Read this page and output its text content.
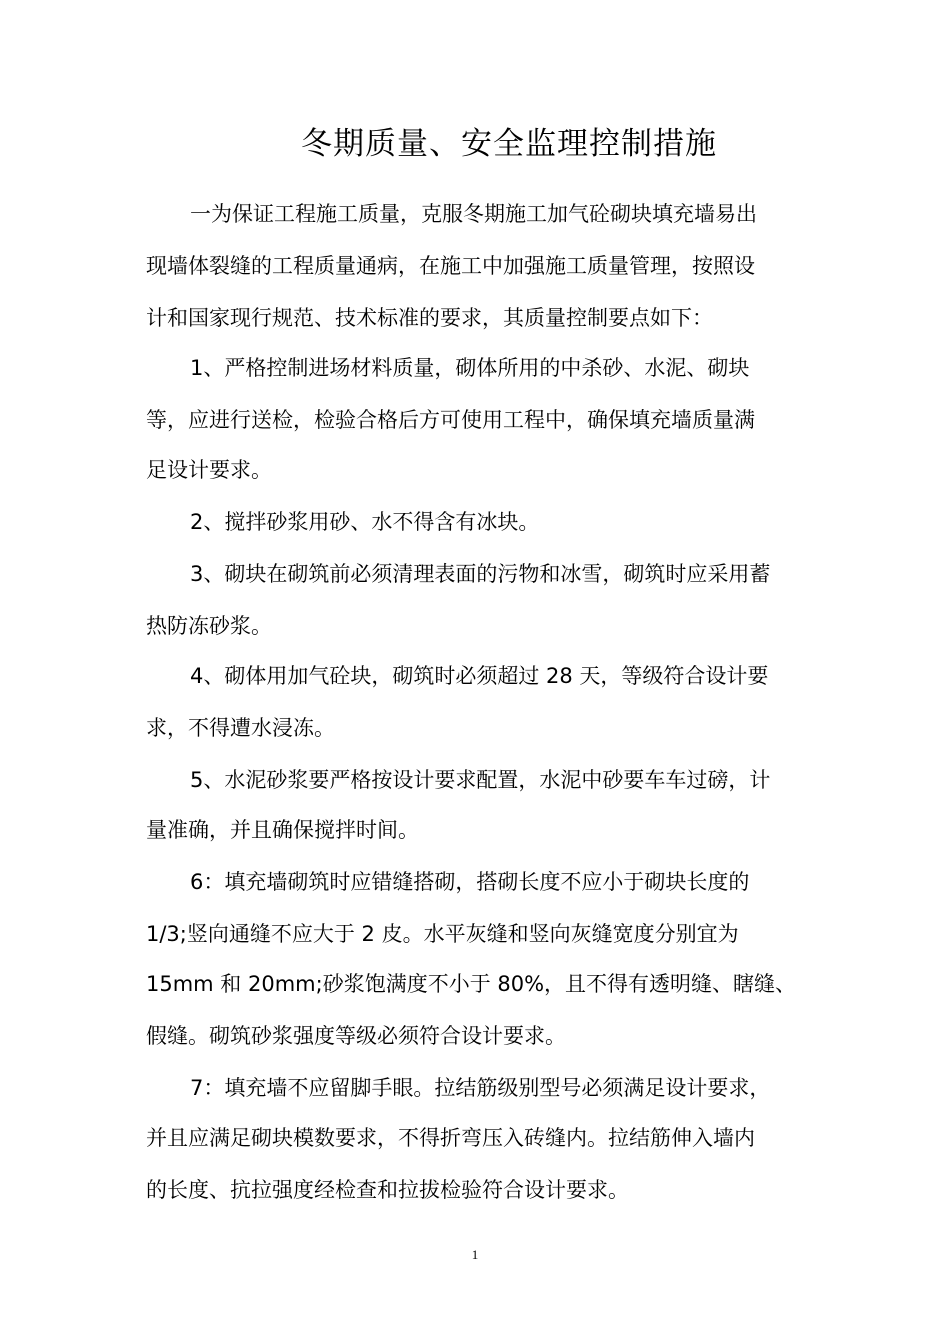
冬期质量、安全监理控制措施
一为保证工程施工质量，克服冬期施工加气砼砌块填充墙易出
现墙体裂缝的工程质量通病，在施工中加强施工质量管理，按照设
计和国家现行规范、技术标准的要求，其质量控制要点如下：
1、严格控制进场材料质量，砌体所用的中杀砂、水泥、砌块
等，应进行送检，检验合格后方可使用工程中，确保填充墙质量满
足设计要求。
2、搅拌砂浆用砂、水不得含有冰块。
3、砌块在砌筑前必须清理表面的污物和冰雪，砌筑时应采用蓄
热防冻砂浆。
4、砌体用加气砼块，砌筑时必须超过 28 天，等级符合设计要
求，不得遭水浸冻。
5、水泥砂浆要严格按设计要求配置，水泥中砂要车车过磅，计
量准确，并且确保搅拌时间。
6：填充墙砌筑时应错缝搭砌，搭砌长度不应小于砌块长度的
1/3;竖向通缝不应大于 2 皮。水平灰缝和竖向灰缝宽度分别宜为
15mm 和 20mm;砂浆饱满度不小于 80%，且不得有透明缝、瞎缝、
假缝。砌筑砂浆强度等级必须符合设计要求。
7：填充墙不应留脚手眼。拉结筋级别型号必须满足设计要求，
并且应满足砌块模数要求，不得折弯压入砖缝内。拉结筋伸入墙内
的长度、抗拉强度经检查和拉拔检验符合设计要求。
1
